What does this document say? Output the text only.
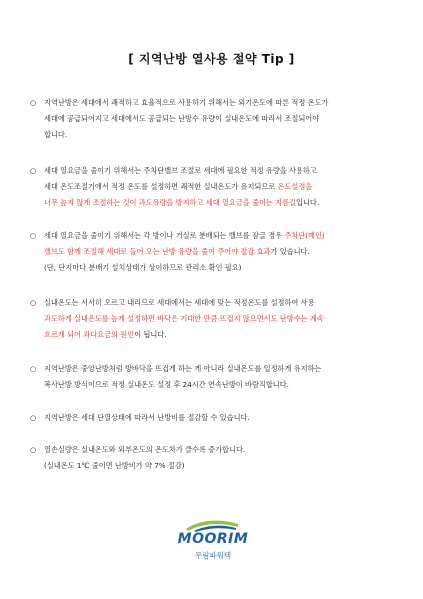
[ 지역난방 열사용 절약 Tip ]
○	지역난방은 세대에서 쾌적하고 효율적으로 사용하기 위해서는 외기온도에 따른 적정 온도가

세대에 공급되어지고 세대에서도 공급되는 난방수 유량이 실내온도에 따라서 조절되어야

합니다.

○	세대 열요금을 줄이기 위해서는 주차단밸브 조절로 세대에 필요한 적정 유량을 사용하고

세대 온도조절기에서 적정 온도를 설정하면 쾌적한 실내온도가 유지되므로 온도설정을

너무 높지 않게 조절하는 것이 과도유량을 방지하고 세대 열요금을 줄이는 지름길입니다.

○	세대 열요금을 줄이기 위해서는 각 방이나 거실로 분배되는 밸브를 잠글 경우 주차단(메인)

밸브도 함께 조절해 세대로 들어 오는 난방 유량을 줄여 주어야 절감 효과가 있습니다.

(단, 단지마다 분배기 설치상태가 상이하므로 관리소 확인 필요)

○	실내온도는 서서히 오르고 내리므로 세대에서는 세대에 맞는 적정온도를 설정하여 사용

과도하게 실내온도를 높게 설정하면 바닥은 기대한 만큼 뜨겁지 않으면서도 난방수는 계속

흐르게 되어 과다요금의 원인이 됩니다.

○	지역난방은 중앙난방처럼 방바닥을 뜨겁게 하는 게 아니라 실내온도를 일정하게 유지하는

복사난방 방식이므로 적정 실내온도 설정 후 24시간 연속난방이 바람직합니다.

○	지역난방은 세대 단열상태에 따라서 난방비를 절감할 수 있습니다.

○	열손실량은 실내온도와 외부온도의 온도차가 클수록 증가합니다.

(실내온도 1℃ 줄이면 난방비가 약 7% 절감)

MOORIM
무림파워텍
